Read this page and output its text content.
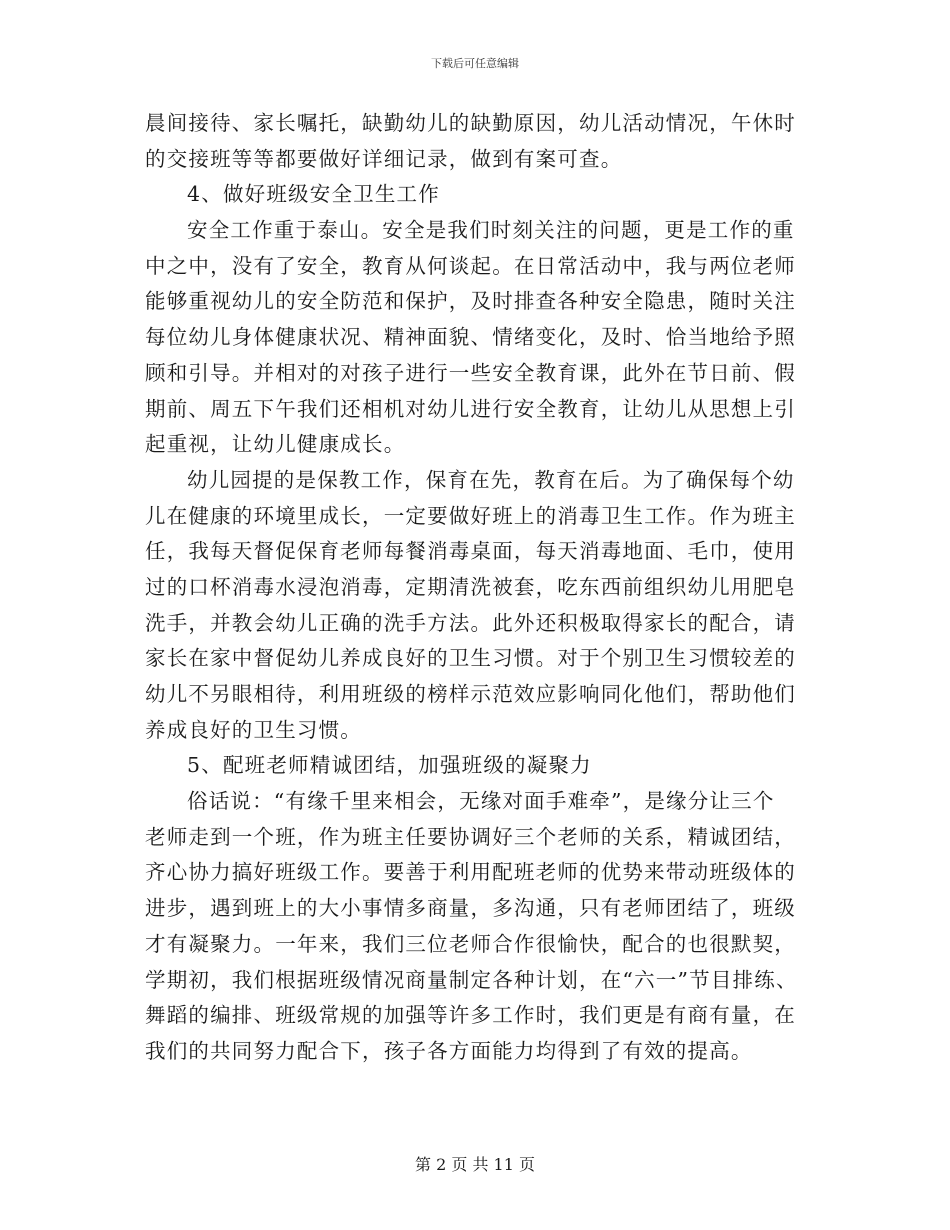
下载后可任意编辑
晨间接待、家长嘱托，缺勤幼儿的缺勤原因，幼儿活动情况，午休时
的交接班等等都要做好详细记录，做到有案可查。
4、做好班级安全卫生工作
安全工作重于泰山。安全是我们时刻关注的问题，更是工作的重
中之中，没有了安全，教育从何谈起。在日常活动中，我与两位老师
能够重视幼儿的安全防范和保护，及时排查各种安全隐患，随时关注
每位幼儿身体健康状况、精神面貌、情绪变化，及时、恰当地给予照
顾和引导。并相对的对孩子进行一些安全教育课，此外在节日前、假
期前、周五下午我们还相机对幼儿进行安全教育，让幼儿从思想上引
起重视，让幼儿健康成长。
幼儿园提的是保教工作，保育在先，教育在后。为了确保每个幼
儿在健康的环境里成长，一定要做好班上的消毒卫生工作。作为班主
任，我每天督促保育老师每餐消毒桌面，每天消毒地面、毛巾，使用
过的口杯消毒水浸泡消毒，定期清洗被套，吃东西前组织幼儿用肥皂
洗手，并教会幼儿正确的洗手方法。此外还积极取得家长的配合，请
家长在家中督促幼儿养成良好的卫生习惯。对于个别卫生习惯较差的
幼儿不另眼相待，利用班级的榜样示范效应影响同化他们，帮助他们
养成良好的卫生习惯。
5、配班老师精诚团结，加强班级的凝聚力
俗话说：“有缘千里来相会，无缘对面手难牵”，是缘分让三个
老师走到一个班，作为班主任要协调好三个老师的关系，精诚团结，
齐心协力搞好班级工作。要善于利用配班老师的优势来带动班级体的
进步，遇到班上的大小事情多商量，多沟通，只有老师团结了，班级
才有凝聚力。一年来，我们三位老师合作很愉快，配合的也很默契，
学期初，我们根据班级情况商量制定各种计划，在“六一”节目排练、
舞蹈的编排、班级常规的加强等许多工作时，我们更是有商有量，在
我们的共同努力配合下，孩子各方面能力均得到了有效的提高。
第 2 页 共 11 页
